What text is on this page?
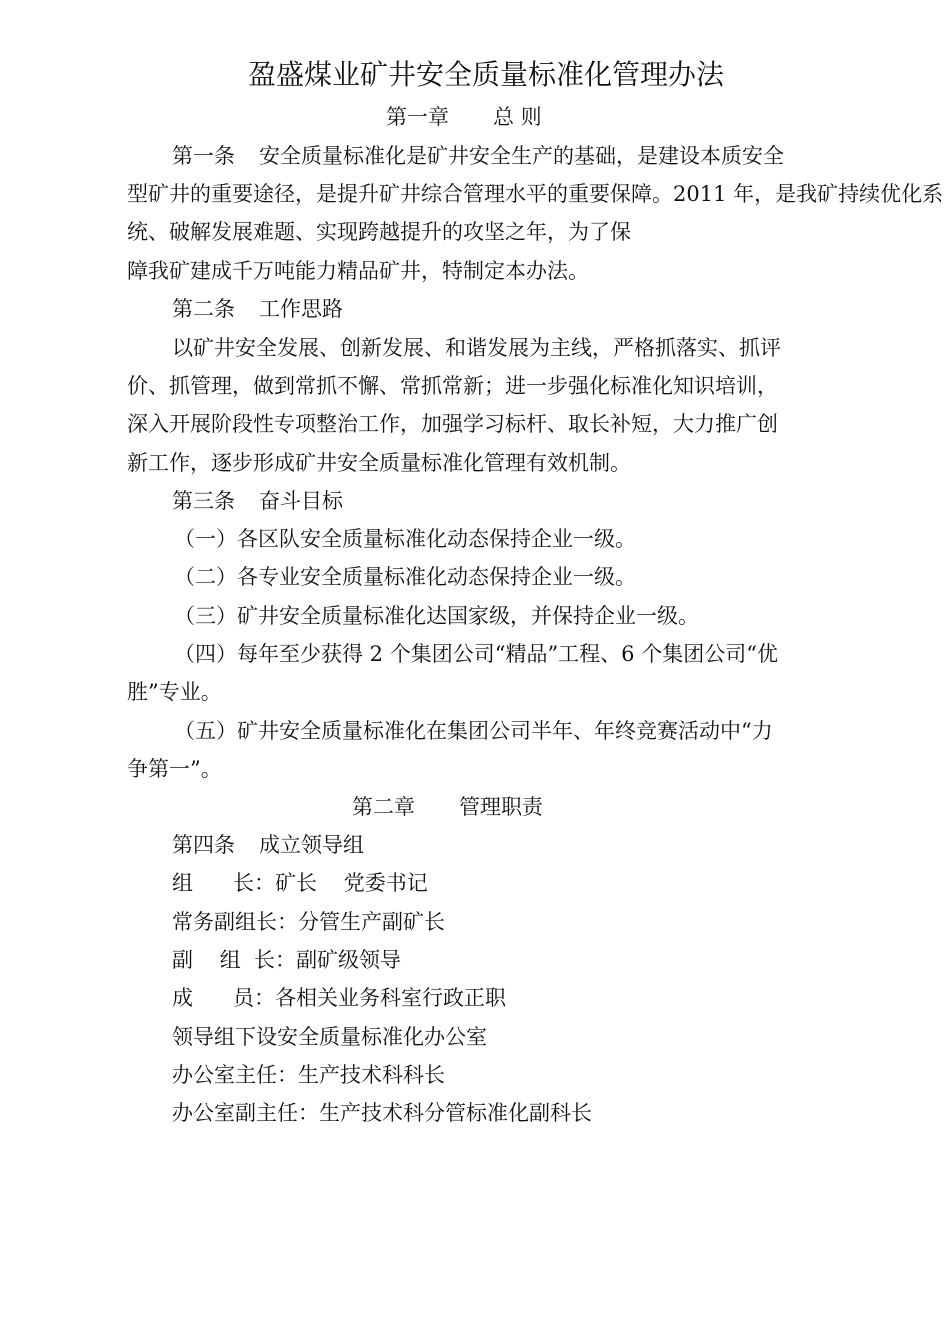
盈盛煤业矿井安全质量标准化管理办法
第一章 总 则
第一条 安全质量标准化是矿井安全生产的基础，是建设本质安全
型矿井的重要途径，是提升矿井综合管理水平的重要保障。2011 年，是我矿持续优化系
统、破解发展难题、实现跨越提升的攻坚之年，为了保
障我矿建成千万吨能力精品矿井，特制定本办法。
第二条 工作思路
以矿井安全发展、创新发展、和谐发展为主线，严格抓落实、抓评
价、抓管理，做到常抓不懈、常抓常新；进一步强化标准化知识培训，
深入开展阶段性专项整治工作，加强学习标杆、取长补短，大力推广创
新工作，逐步形成矿井安全质量标准化管理有效机制。
第三条 奋斗目标
（一）各区队安全质量标准化动态保持企业一级。
（二）各专业安全质量标准化动态保持企业一级。
（三）矿井安全质量标准化达国家级，并保持企业一级。
（四）每年至少获得 2 个集团公司“精品”工程、6 个集团公司“优
胜”专业。
（五）矿井安全质量标准化在集团公司半年、年终竞赛活动中“力
争第一”。
第二章 管理职责
第四条 成立领导组
组      长：矿长    党委书记
常务副组长：分管生产副矿长
副    组  长：副矿级领导
成      员：各相关业务科室行政正职
领导组下设安全质量标准化办公室
办公室主任：生产技术科科长
办公室副主任：生产技术科分管标准化副科长
